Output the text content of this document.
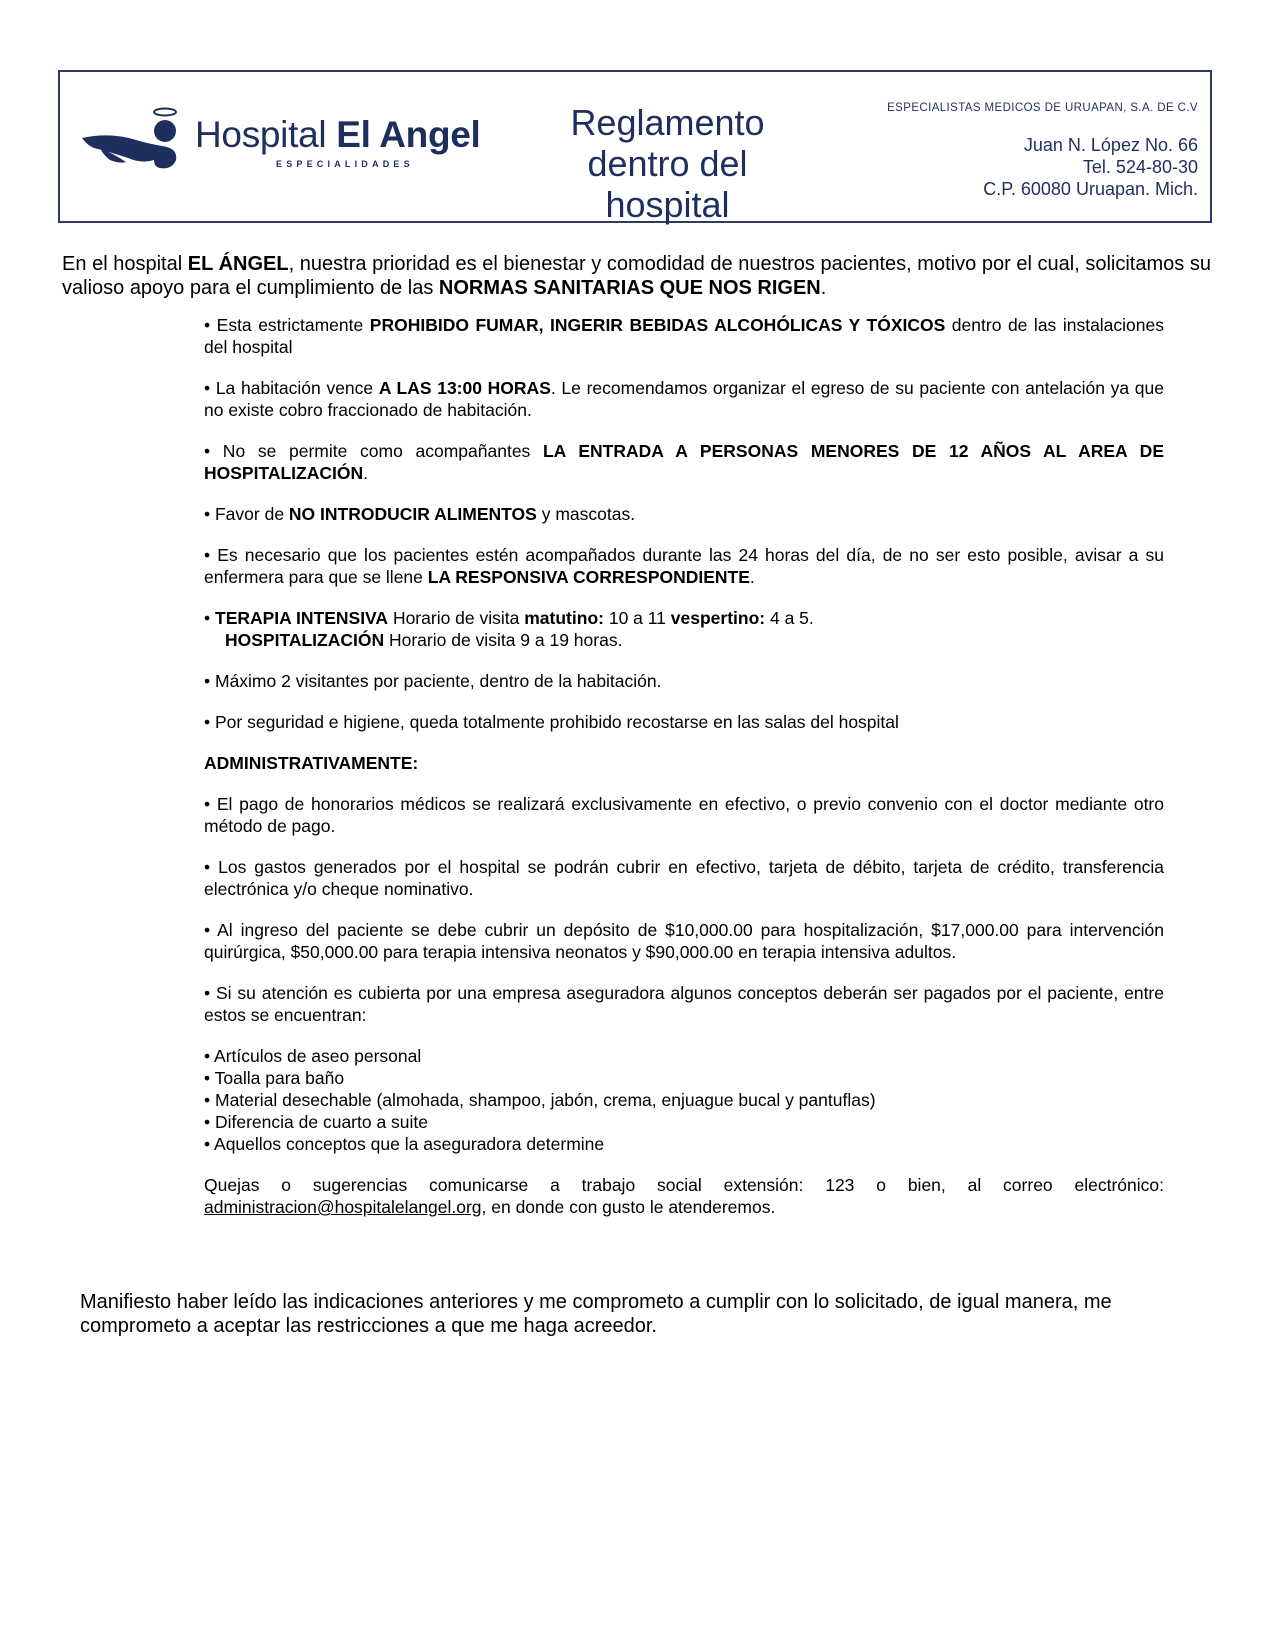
Hospital El Angel
ESPECIALIDADES
Reglamento
dentro del
hospital
ESPECIALISTAS MEDICOS DE URUAPAN, S.A. DE C.V
Juan N. López No. 66
Tel. 524-80-30
C.P. 60080 Uruapan. Mich.

En el hospital EL ÁNGEL, nuestra prioridad es el bienestar y comodidad de nuestros pacientes, motivo por el cual, solicitamos su valioso apoyo para el cumplimiento de las NORMAS SANITARIAS QUE NOS RIGEN.

• Esta estrictamente PROHIBIDO FUMAR, INGERIR BEBIDAS ALCOHÓLICAS Y TÓXICOS dentro de las instalaciones del hospital

• La habitación vence A LAS 13:00 HORAS. Le recomendamos organizar el egreso de su paciente con antelación ya que no existe cobro fraccionado de habitación.

• No se permite como acompañantes LA ENTRADA A PERSONAS MENORES DE 12 AÑOS AL AREA DE HOSPITALIZACIÓN.

• Favor de NO INTRODUCIR ALIMENTOS y mascotas.

• Es necesario que los pacientes estén acompañados durante las 24 horas del día, de no ser esto posible, avisar a su enfermera para que se llene LA RESPONSIVA CORRESPONDIENTE.

• TERAPIA INTENSIVA Horario de visita matutino: 10 a 11 vespertino: 4 a 5.
HOSPITALIZACIÓN Horario de visita 9 a 19 horas.

• Máximo 2 visitantes por paciente, dentro de la habitación.

• Por seguridad e higiene, queda totalmente prohibido recostarse en las salas del hospital

ADMINISTRATIVAMENTE:

• El pago de honorarios médicos se realizará exclusivamente en efectivo, o previo convenio con el doctor mediante otro método de pago.

• Los gastos generados por el hospital se podrán cubrir en efectivo, tarjeta de débito, tarjeta de crédito, transferencia electrónica y/o cheque nominativo.

• Al ingreso del paciente se debe cubrir un depósito de $10,000.00 para hospitalización, $17,000.00 para intervención quirúrgica, $50,000.00 para terapia intensiva neonatos y $90,000.00 en terapia intensiva adultos.

• Si su atención es cubierta por una empresa aseguradora algunos conceptos deberán ser pagados por el paciente, entre estos se encuentran:

• Artículos de aseo personal
• Toalla para baño
• Material desechable (almohada, shampoo, jabón, crema, enjuague bucal y pantuflas)
• Diferencia de cuarto a suite
• Aquellos conceptos que la aseguradora determine

Quejas o sugerencias comunicarse a trabajo social extensión: 123 o bien, al correo electrónico: administracion@hospitalelangel.org, en donde con gusto le atenderemos.

Manifiesto haber leído las indicaciones anteriores y me comprometo a cumplir con lo solicitado, de igual manera, me comprometo a aceptar las restricciones a que me haga acreedor.
